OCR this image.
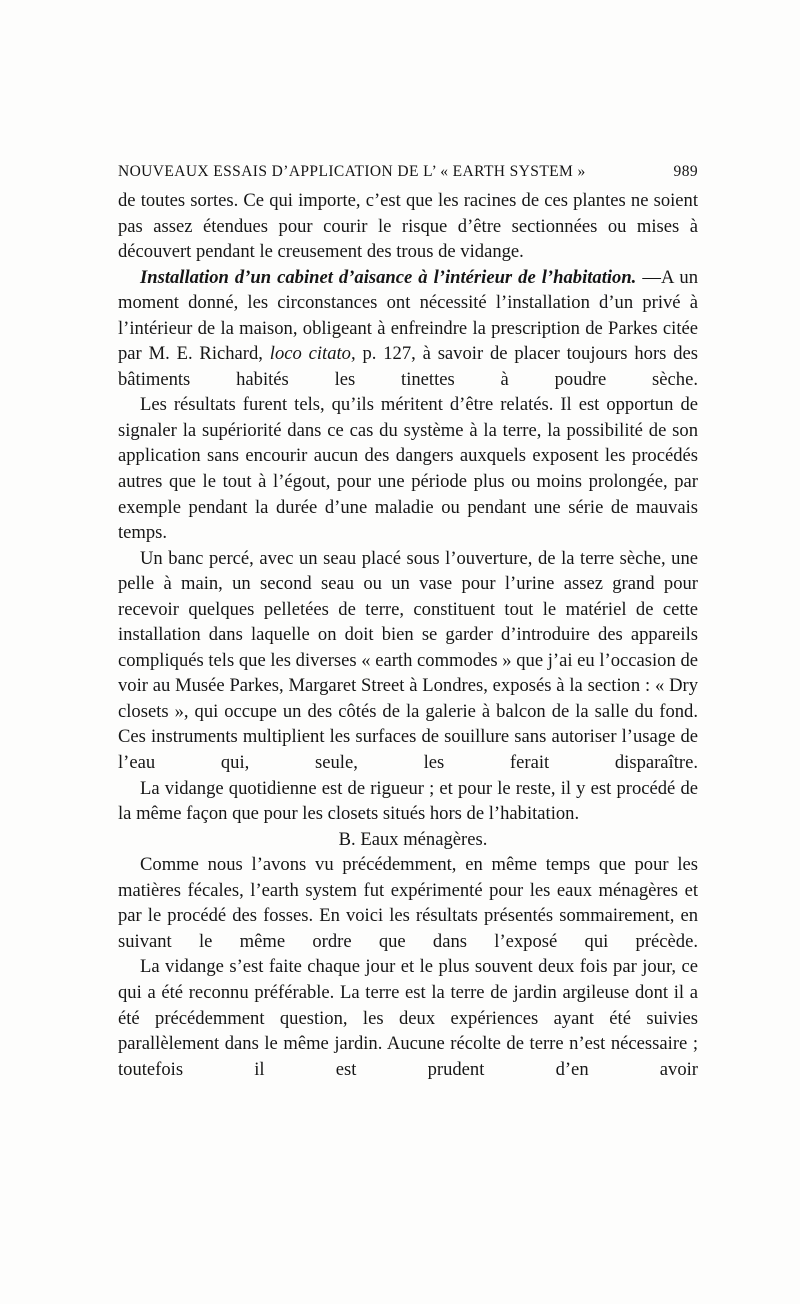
NOUVEAUX ESSAIS D’APPLICATION DE L’ « EARTH SYSTEM »	989

de toutes sortes. Ce qui importe, c’est que les racines de ces plantes ne soient pas assez étendues pour courir le risque d’être sectionnées ou mises à découvert pendant le creusement des trous de vidange.

Installation d’un cabinet d’aisance à l’intérieur de l’habitation. —A un moment donné, les circonstances ont nécessité l’installation d’un privé à l’intérieur de la maison, obligeant à enfreindre la prescription de Parkes citée par M. E. Richard, loco citato, p. 127, à savoir de placer toujours hors des bâtiments habités les tinettes à poudre sèche.

Les résultats furent tels, qu’ils méritent d’être relatés. Il est opportun de signaler la supériorité dans ce cas du système à la terre, la possibilité de son application sans encourir aucun des dangers auxquels exposent les procédés autres que le tout à l’égout, pour une période plus ou moins prolongée, par exemple pendant la durée d’une maladie ou pendant une série de mauvais temps.

Un banc percé, avec un seau placé sous l’ouverture, de la terre sèche, une pelle à main, un second seau ou un vase pour l’urine assez grand pour recevoir quelques pelletées de terre, constituent tout le matériel de cette installation dans laquelle on doit bien se garder d’introduire des appareils compliqués tels que les diverses « earth commodes » que j’ai eu l’occasion de voir au Musée Parkes, Margaret Street à Londres, exposés à la section : « Dry closets », qui occupe un des côtés de la galerie à balcon de la salle du fond. Ces instruments multiplient les surfaces de souillure sans autoriser l’usage de l’eau qui, seule, les ferait disparaître.

La vidange quotidienne est de rigueur ; et pour le reste, il y est procédé de la même façon que pour les closets situés hors de l’habitation.

B. Eaux ménagères.

Comme nous l’avons vu précédemment, en même temps que pour les matières fécales, l’earth system fut expérimenté pour les eaux ménagères et par le procédé des fosses. En voici les résultats présentés sommairement, en suivant le même ordre que dans l’exposé qui précède.

La vidange s’est faite chaque jour et le plus souvent deux fois par jour, ce qui a été reconnu préférable. La terre est la terre de jardin argileuse dont il a été précédemment question, les deux expériences ayant été suivies parallèlement dans le même jardin. Aucune récolte de terre n’est nécessaire ; toutefois il est prudent d’en avoir
